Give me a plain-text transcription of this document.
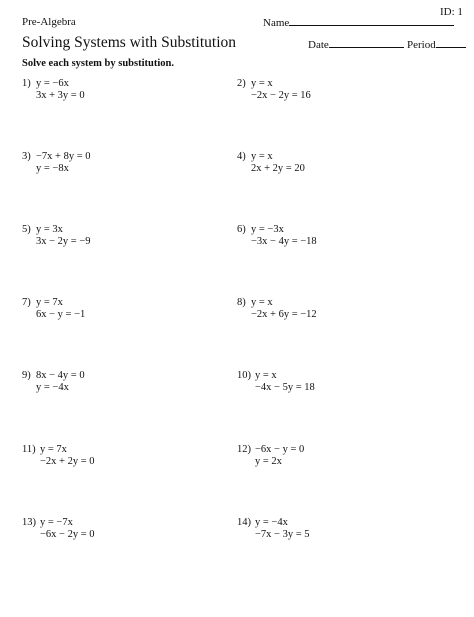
ID: 1
Pre-Algebra	Name
Solving Systems with Substitution	Date	Period
Solve each system by substitution.
1) y = −6x
3x + 3y = 0
3) −7x + 8y = 0
y = −8x
5) y = 3x
3x − 2y = −9
7) y = 7x
6x − y = −1
9) 8x − 4y = 0
y = −4x
11) y = 7x
−2x + 2y = 0
13) y = −7x
−6x − 2y = 0
2) y = x
−2x − 2y = 16
4) y = x
2x + 2y = 20
6) y = −3x
−3x − 4y = −18
8) y = x
−2x + 6y = −12
10) y = x
−4x − 5y = 18
12) −6x − y = 0
y = 2x
14) y = −4x
−7x − 3y = 5
